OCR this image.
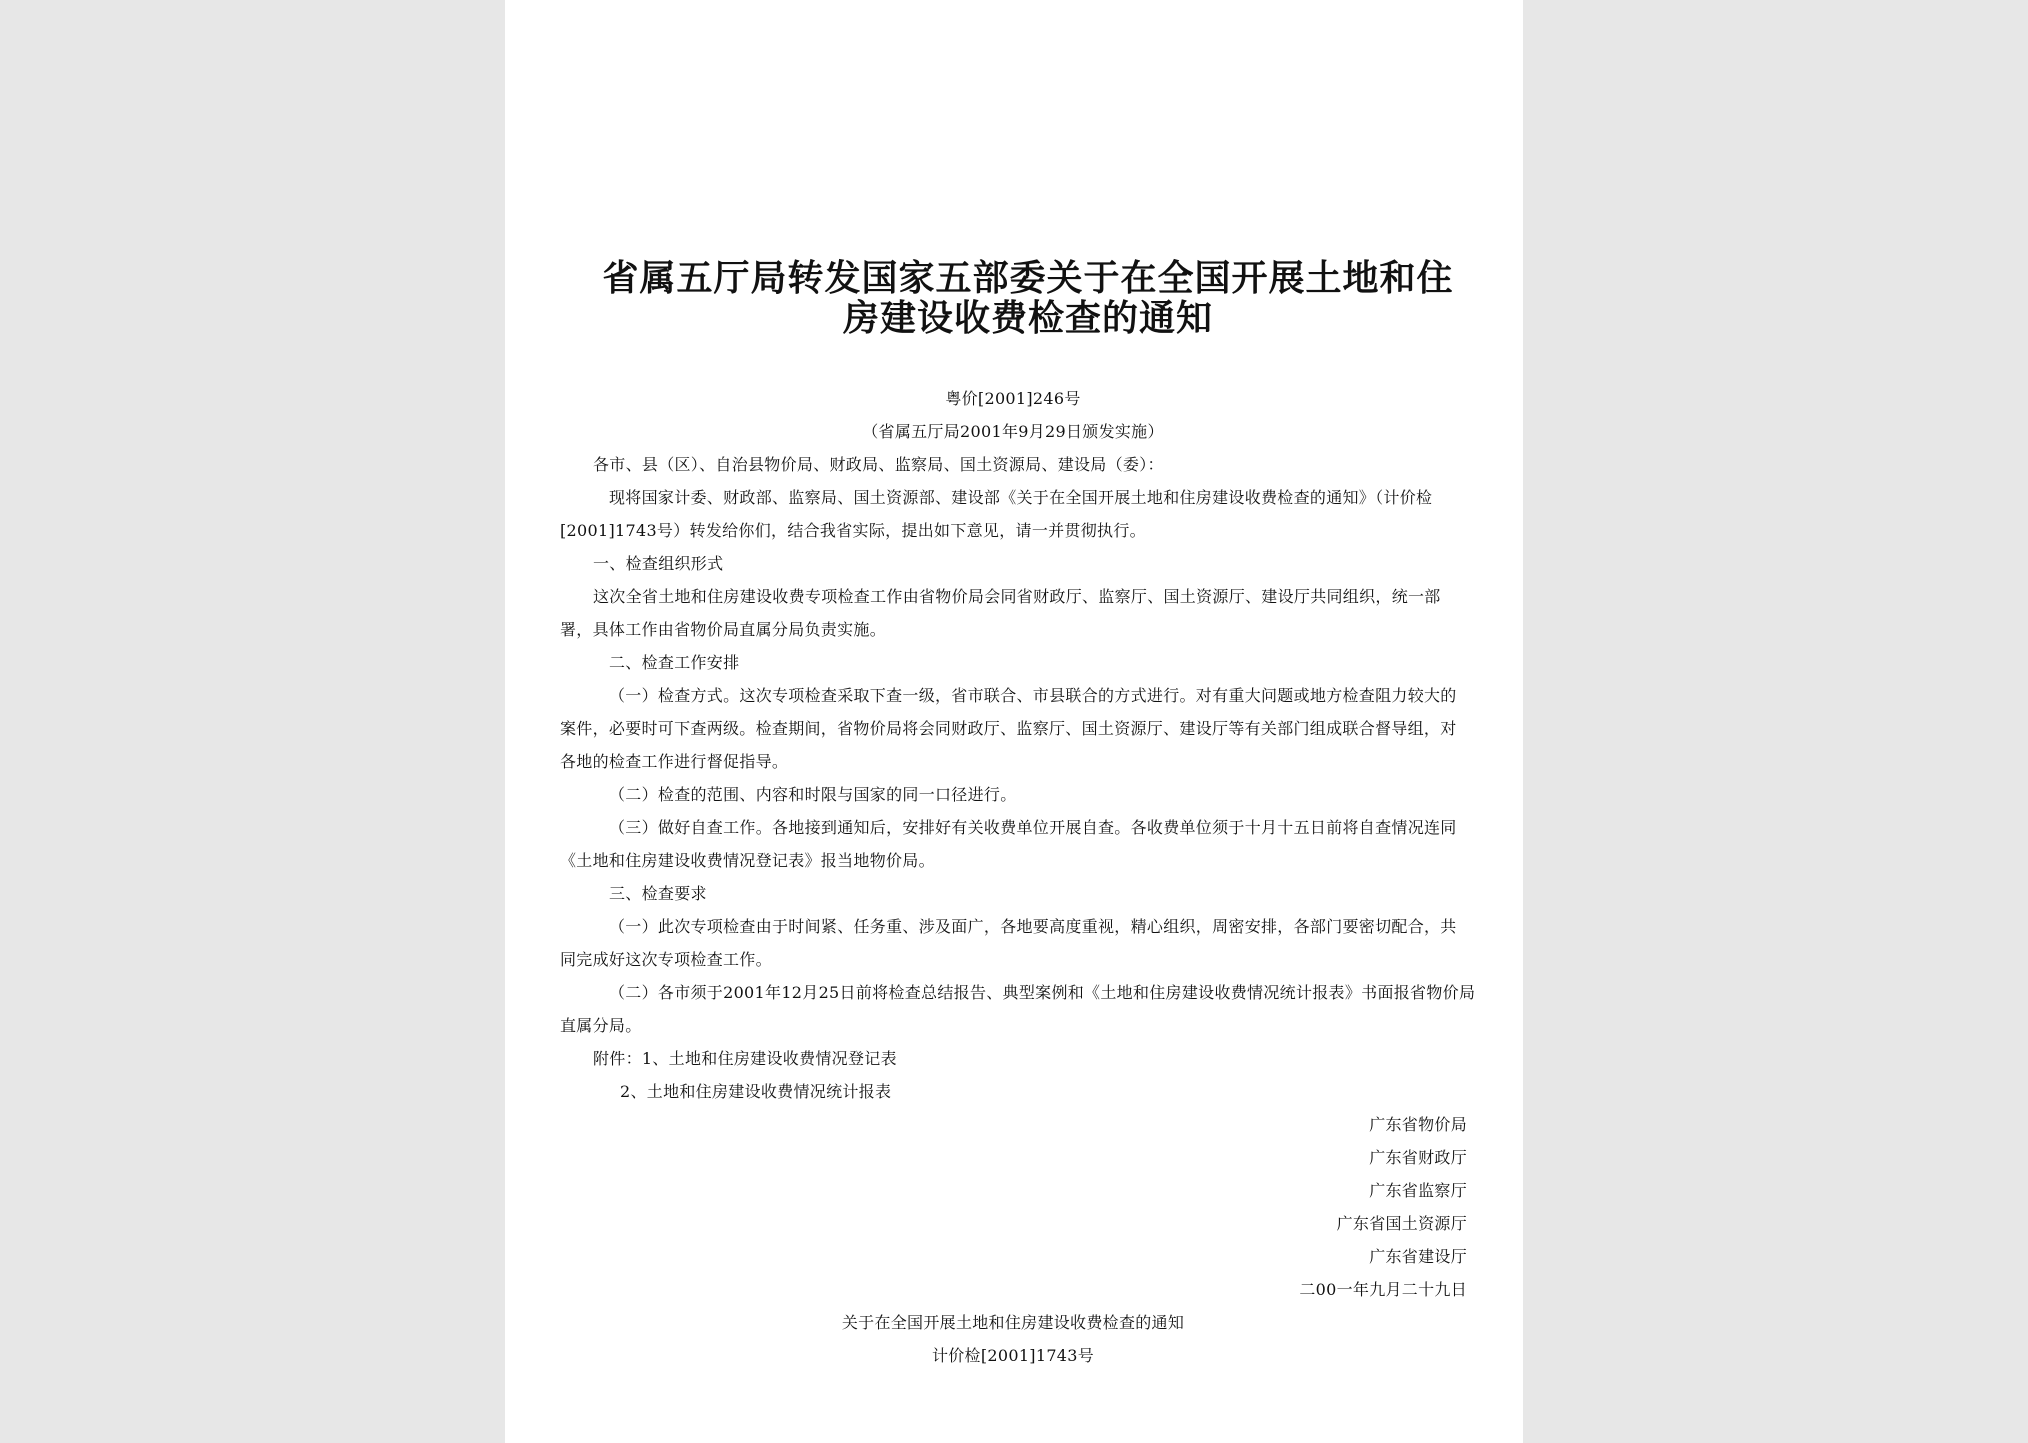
省属五厅局转发国家五部委关于在全国开展土地和住
房建设收费检查的通知
粤价[2001]246号
（省属五厅局2001年9月29日颁发实施）
各市、县（区）、自治县物价局、财政局、监察局、国土资源局、建设局（委）：
现将国家计委、财政部、监察局、国土资源部、建设部《关于在全国开展土地和住房建设收费检查的通知》（计价检
[2001]1743号）转发给你们，结合我省实际，提出如下意见，请一并贯彻执行。
一、检查组织形式
这次全省土地和住房建设收费专项检查工作由省物价局会同省财政厅、监察厅、国土资源厅、建设厅共同组织，统一部
署，具体工作由省物价局直属分局负责实施。
二、检查工作安排
（一）检查方式。这次专项检查采取下查一级，省市联合、市县联合的方式进行。对有重大问题或地方检查阻力较大的
案件，必要时可下查两级。检查期间，省物价局将会同财政厅、监察厅、国土资源厅、建设厅等有关部门组成联合督导组，对
各地的检查工作进行督促指导。
（二）检查的范围、内容和时限与国家的同一口径进行。
（三）做好自查工作。各地接到通知后，安排好有关收费单位开展自查。各收费单位须于十月十五日前将自查情况连同
《土地和住房建设收费情况登记表》报当地物价局。
三、检查要求
（一）此次专项检查由于时间紧、任务重、涉及面广，各地要高度重视，精心组织，周密安排，各部门要密切配合，共
同完成好这次专项检查工作。
（二）各市须于2001年12月25日前将检查总结报告、典型案例和《土地和住房建设收费情况统计报表》书面报省物价局
直属分局。
附件：1、土地和住房建设收费情况登记表
2、土地和住房建设收费情况统计报表
广东省物价局
广东省财政厅
广东省监察厅
广东省国土资源厅
广东省建设厅
二00一年九月二十九日
关于在全国开展土地和住房建设收费检查的通知
计价检[2001]1743号
